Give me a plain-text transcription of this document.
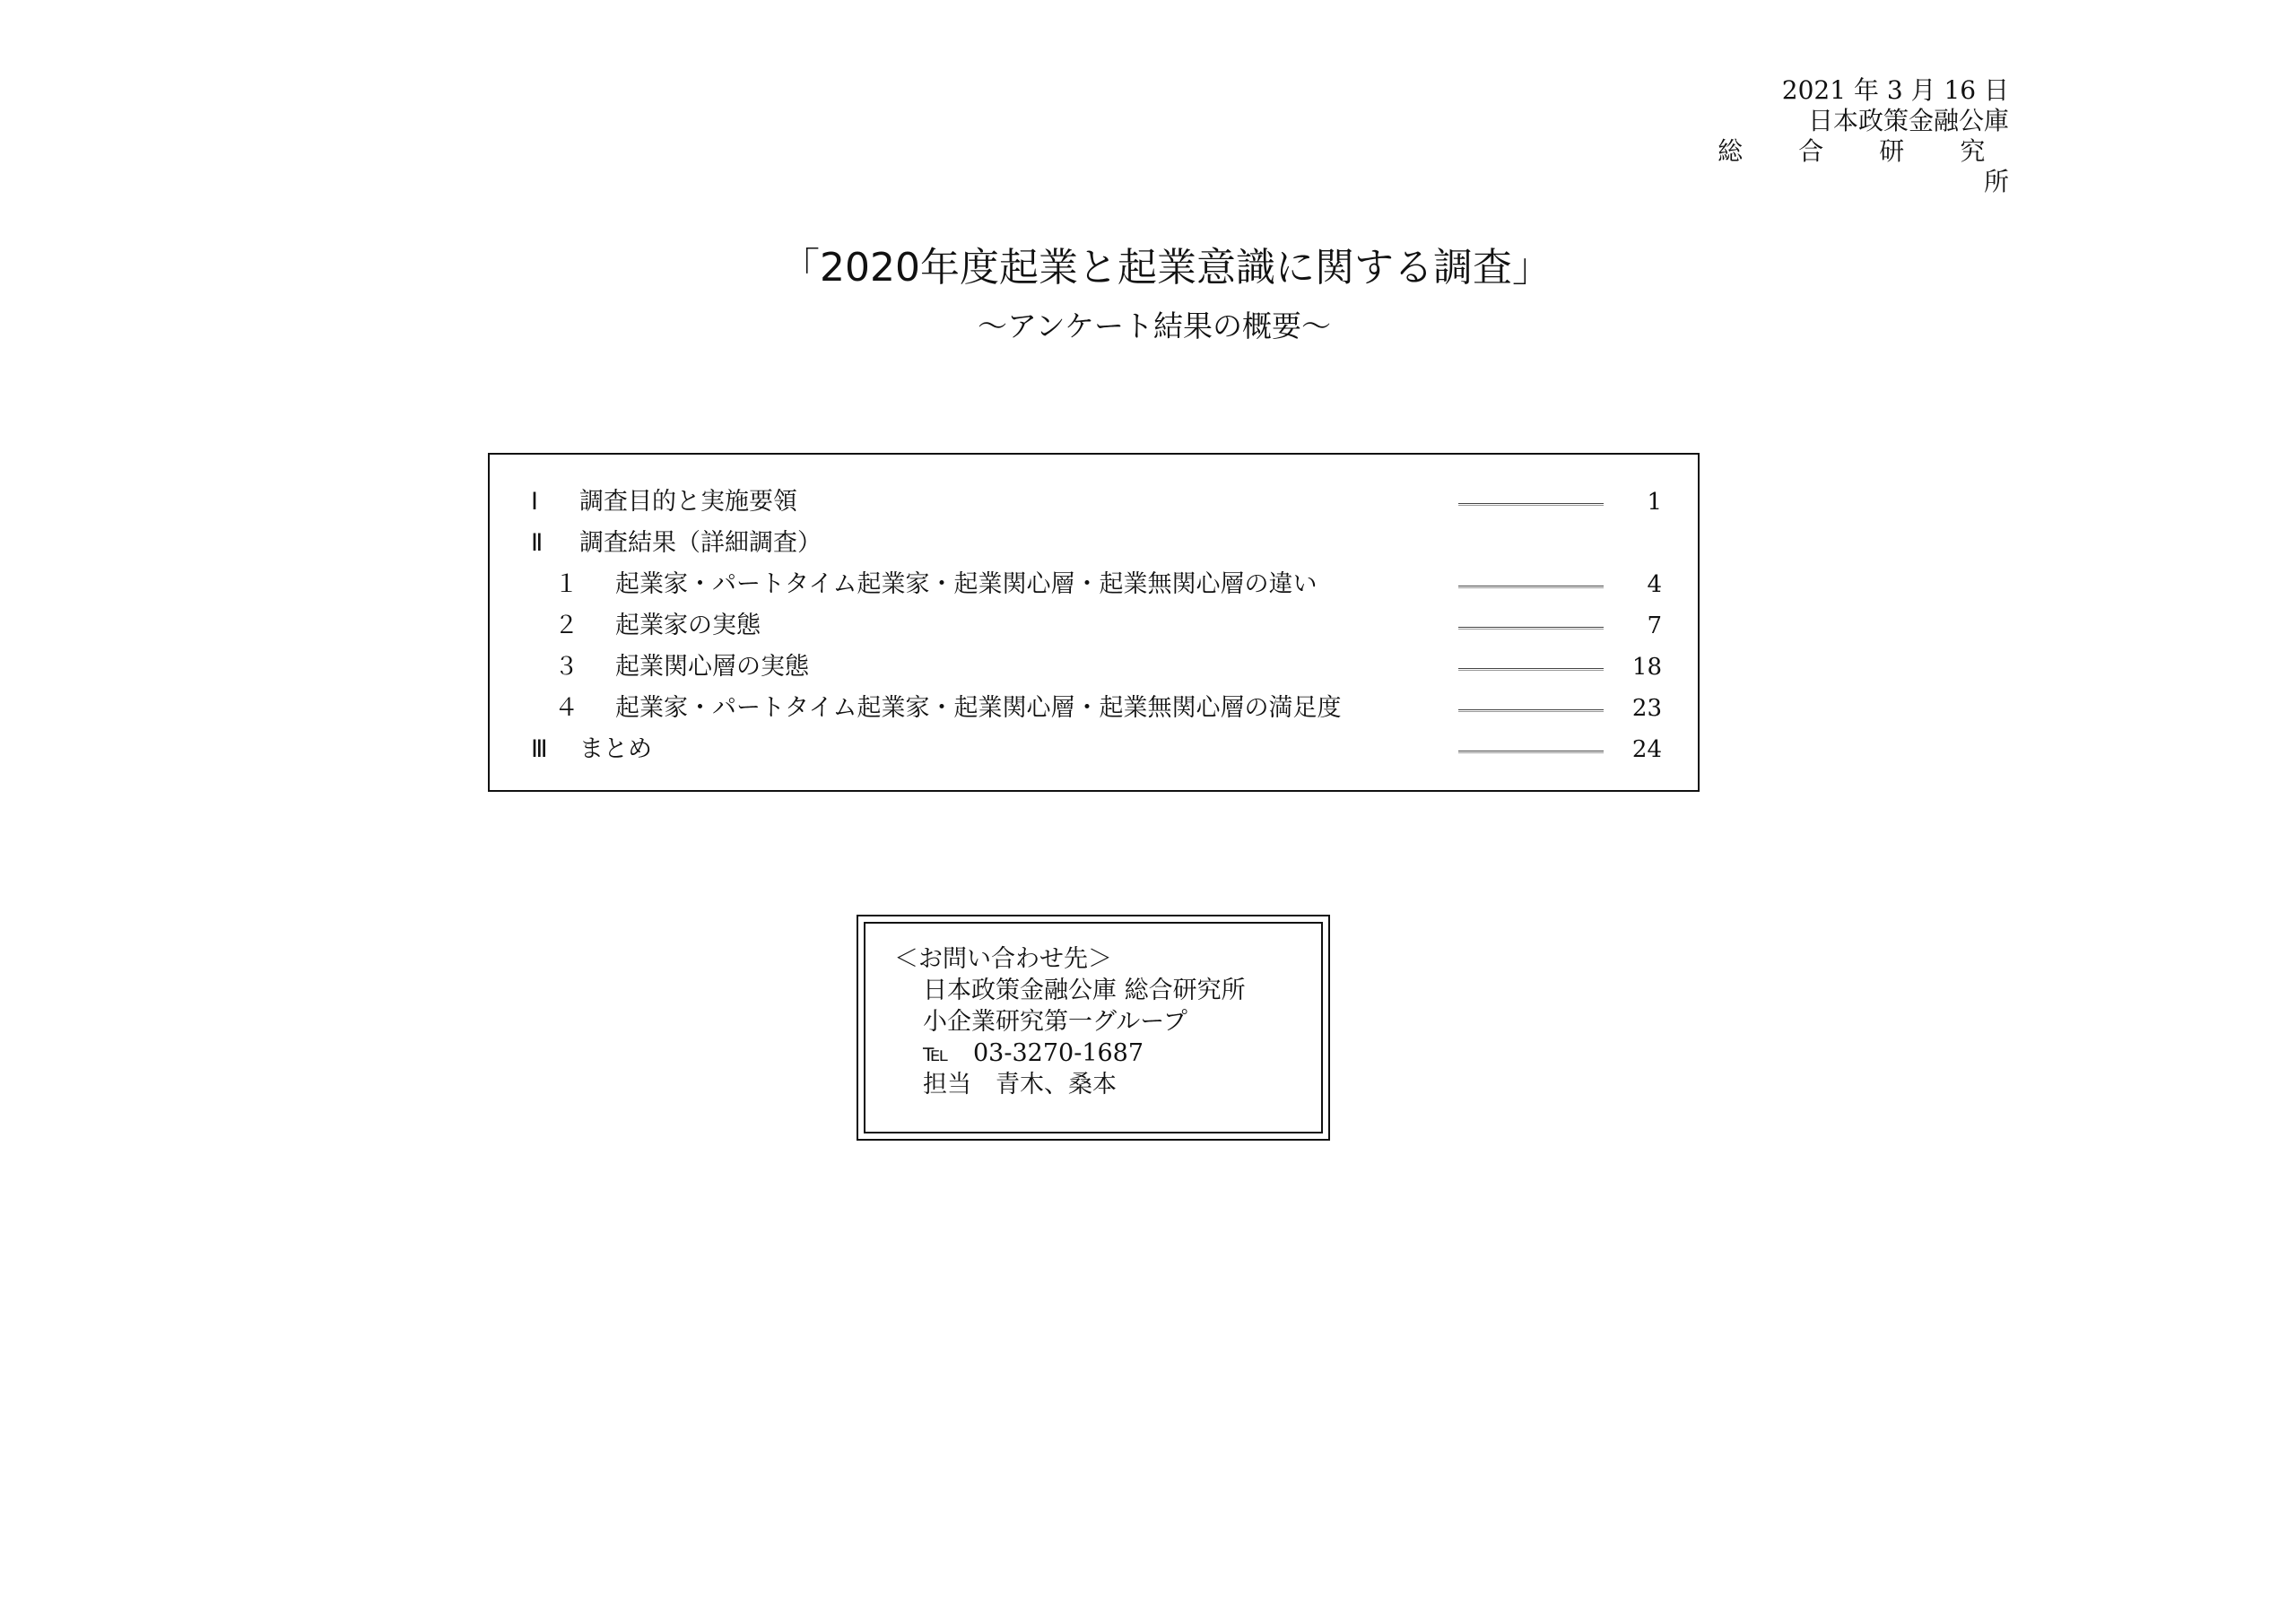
2021 年 3 月 16 日
日本政策金融公庫
総 合 研 究 所
「2020年度起業と起業意識に関する調査」
～アンケート結果の概要～
Ⅰ 調査目的と実施要領	1
Ⅱ 調査結果（詳細調査）
１ 起業家・パートタイム起業家・起業関心層・起業無関心層の違い	4
２ 起業家の実態	7
３ 起業関心層の実態	18
４ 起業家・パートタイム起業家・起業関心層・起業無関心層の満足度	23
Ⅲ まとめ	24
＜お問い合わせ先＞
日本政策金融公庫 総合研究所
小企業研究第一グループ
℡　03-3270-1687
担当　青木、桑本
